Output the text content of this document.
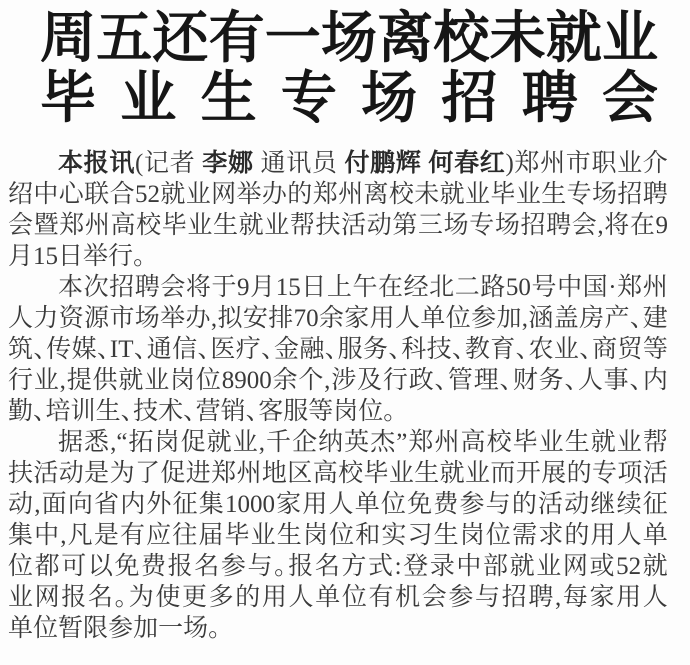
周五还有一场离校未就业
毕业生专场招聘会
本报讯(记者 李娜 通讯员 付鹏辉 何春红)郑州市职业介
绍中心联合52就业网举办的郑州离校未就业毕业生专场招聘
会暨郑州高校毕业生就业帮扶活动第三场专场招聘会,将在9
月15日举行。
本次招聘会将于9月15日上午在经北二路50号中国·郑州
人力资源市场举办,拟安排70余家用人单位参加,涵盖房产、建
筑、传媒、IT、通信、医疗、金融、服务、科技、教育、农业、商贸等
行业,提供就业岗位8900余个,涉及行政、管理、财务、人事、内
勤、培训生、技术、营销、客服等岗位。
据悉,“拓岗促就业,千企纳英杰”郑州高校毕业生就业帮
扶活动是为了促进郑州地区高校毕业生就业而开展的专项活
动,面向省内外征集1000家用人单位免费参与的活动继续征
集中,凡是有应往届毕业生岗位和实习生岗位需求的用人单
位都可以免费报名参与。报名方式:登录中部就业网或52就
业网报名。为使更多的用人单位有机会参与招聘,每家用人
单位暂限参加一场。
